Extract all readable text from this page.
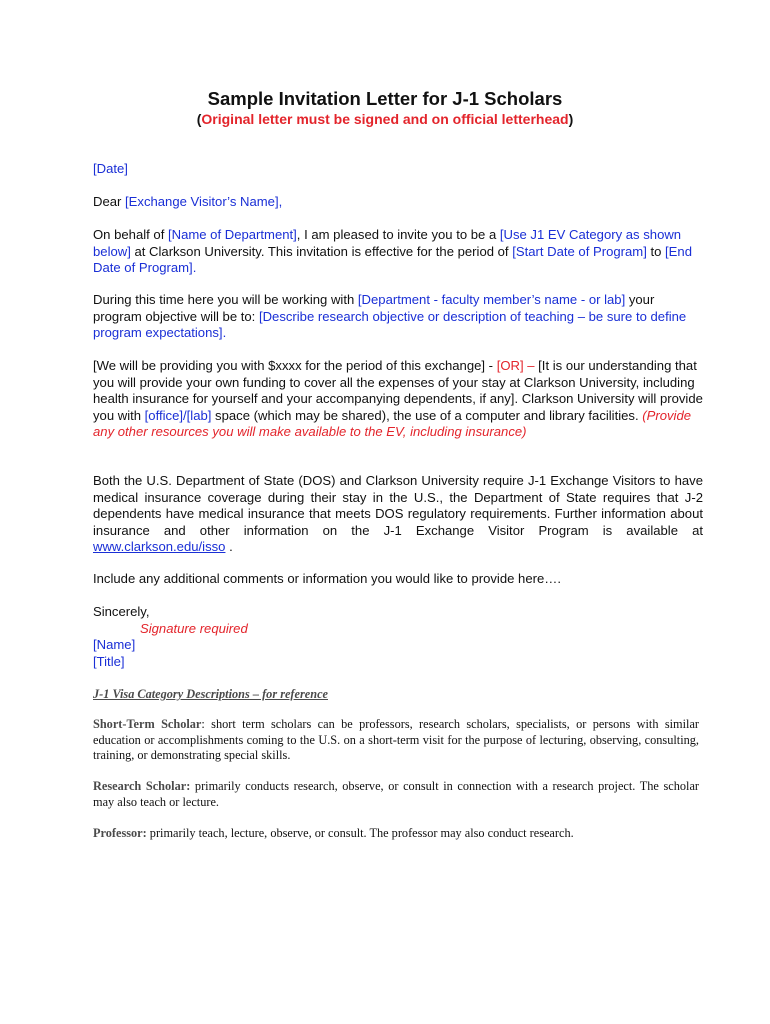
Sample Invitation Letter for J-1 Scholars
(Original letter must be signed and on official letterhead)

[Date]

Dear [Exchange Visitor’s Name],

On behalf of [Name of Department], I am pleased to invite you to be a [Use J1 EV Category as shown below] at Clarkson University. This invitation is effective for the period of [Start Date of Program] to [End Date of Program].

During this time here you will be working with [Department - faculty member’s name - or lab] your program objective will be to: [Describe research objective or description of teaching – be sure to define program expectations].

[We will be providing you with $xxxx for the period of this exchange] - [OR] – [It is our understanding that you will provide your own funding to cover all the expenses of your stay at Clarkson University, including health insurance for yourself and your accompanying dependents, if any]. Clarkson University will provide you with [office]/[lab] space (which may be shared), the use of a computer and library facilities. (Provide any other resources you will make available to the EV, including insurance)

Both the U.S. Department of State (DOS) and Clarkson University require J-1 Exchange Visitors to have medical insurance coverage during their stay in the U.S., the Department of State requires that J-2 dependents have medical insurance that meets DOS regulatory requirements. Further information about insurance and other information on the J-1 Exchange Visitor Program is available at www.clarkson.edu/isso .

Include any additional comments or information you would like to provide here….

Sincerely,

Signature required

[Name]

[Title]

J-1 Visa Category Descriptions – for reference

Short-Term Scholar: short term scholars can be professors, research scholars, specialists, or persons with similar education or accomplishments coming to the U.S. on a short-term visit for the purpose of lecturing, observing, consulting, training, or demonstrating special skills.

Research Scholar: primarily conducts research, observe, or consult in connection with a research project. The scholar may also teach or lecture.

Professor: primarily teach, lecture, observe, or consult. The professor may also conduct research.
